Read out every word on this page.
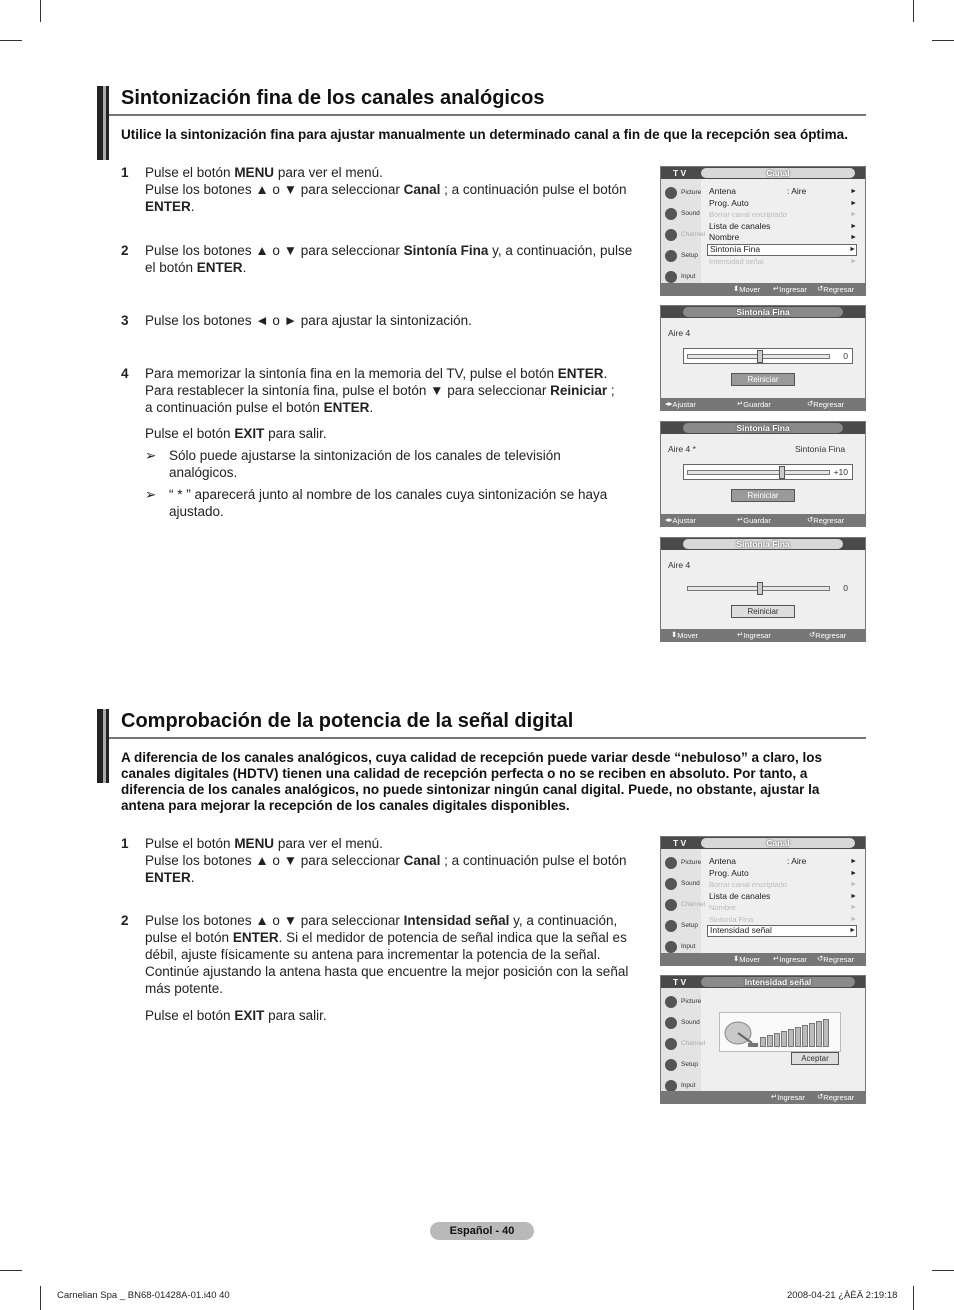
Sintonización fina de los canales analógicos
Utilice la sintonización fina para ajustar manualmente un determinado canal a fin de que la recepción sea óptima.
1 Pulse el botón MENU para ver el menú.
Pulse los botones ▲ o ▼ para seleccionar Canal ; a continuación pulse el botón ENTER.
2 Pulse los botones ▲ o ▼ para seleccionar Sintonía Fina y, a continuación, pulse el botón ENTER.
3 Pulse los botones ◄ o ► para ajustar la sintonización.
4 Para memorizar la sintonía fina en la memoria del TV, pulse el botón ENTER.
Para restablecer la sintonía fina, pulse el botón ▼ para seleccionar Reiniciar ;
a continuación pulse el botón ENTER.
Pulse el botón EXIT para salir.
➢ Sólo puede ajustarse la sintonización de los canales de televisión analógicos.
➢ “ * ” aparecerá junto al nombre de los canales cuya sintonización se haya ajustado.
T V	Canal
Picture
Sound
Channel
Setup
Input
Antena	: Aire	►
Prog. Auto	►
Borrar canal encriptado	►
Lista de canales	►
Nombre	►
Sintonía Fina	►
Intensidad señal	►
⬍ Mover ↵ Ingresar ↺ Regresar
Sintonía Fina
Aire 4
0
Reiniciar
◂▸ Ajustar	↵ Guardar	↺ Regresar
Sintonía Fina
Aire 4 *	Sintonía Fina
+10
Reiniciar
◂▸ Ajustar	↵ Guardar	↺ Regresar
Sintonía Fina
Aire 4
0
Reiniciar
⬍ Mover	↵ Ingresar	↺ Regresar
Comprobación de la potencia de la señal digital
A diferencia de los canales analógicos, cuya calidad de recepción puede variar desde “nebuloso” a claro, los canales digitales (HDTV) tienen una calidad de recepción perfecta o no se reciben en absoluto. Por tanto, a diferencia de los canales analógicos, no puede sintonizar ningún canal digital. Puede, no obstante, ajustar la antena para mejorar la recepción de los canales digitales disponibles.
1 Pulse el botón MENU para ver el menú.
Pulse los botones ▲ o ▼ para seleccionar Canal ; a continuación pulse el botón ENTER.
2 Pulse los botones ▲ o ▼ para seleccionar Intensidad señal y, a continuación, pulse el botón ENTER. Si el medidor de potencia de señal indica que la señal es débil, ajuste físicamente su antena para incrementar la potencia de la señal. Continúe ajustando la antena hasta que encuentre la mejor posición con la señal más potente.
Pulse el botón EXIT para salir.
T V	Canal
Picture
Sound
Channel
Setup
Input
Antena	: Aire	►
Prog. Auto	►
Borrar canal encriptado	►
Lista de canales	►
Nombre	►
Sintonía Fina	►
Intensidad señal	►
⬍ Mover ↵ Ingresar ↺ Regresar
T V	Intensidad señal
Picture
Sound
Channel
Setup
Input
Aceptar
↵ Ingresar ↺ Regresar
Español - 40
Carnelian Spa _ BN68-01428A-01.i40 40	2008-04-21 ¿ÀÈÄ 2:19:18
